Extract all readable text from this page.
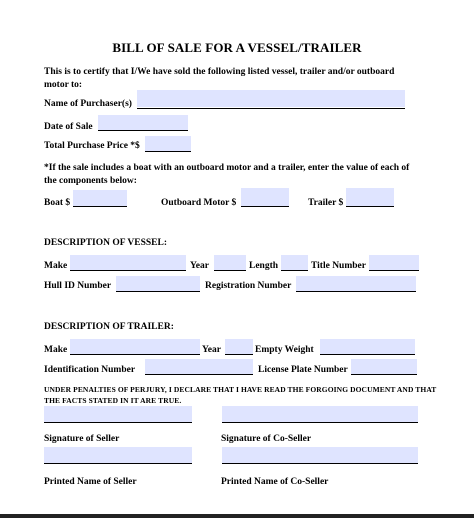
BILL OF SALE FOR A VESSEL/TRAILER
This is to certify that I/We have sold the following listed vessel, trailer and/or outboard
motor to:
Name of Purchaser(s)
Date of Sale
Total Purchase Price *$
*If the sale includes a boat with an outboard motor and a trailer, enter the value of each of
the components below:
Boat $	Outboard Motor $	Trailer $
DESCRIPTION OF VESSEL:
Make	Year	Length	Title Number
Hull ID Number	Registration Number
DESCRIPTION OF TRAILER:
Make	Year	Empty Weight
Identification Number	License Plate Number
UNDER PENALTIES OF PERJURY, I DECLARE THAT I HAVE READ THE FORGOING DOCUMENT AND THAT
THE FACTS STATED IN IT ARE TRUE.
Signature of Seller	Signature of Co-Seller
Printed Name of Seller	Printed Name of Co-Seller
